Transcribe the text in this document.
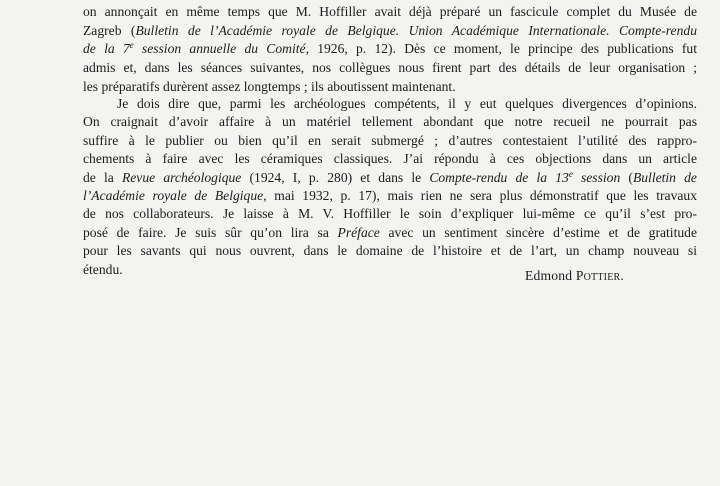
on annonçait en même temps que M. Hoffiller avait déjà préparé un fascicule complet du Musée de
Zagreb (Bulletin de l’Académie royale de Belgique. Union Académique Internationale. Compte-rendu
de la 7e session annuelle du Comité, 1926, p. 12). Dès ce moment, le principe des publications fut
admis et, dans les séances suivantes, nos collègues nous firent part des détails de leur organisation ;
les préparatifs durèrent assez longtemps ; ils aboutissent maintenant.
Je dois dire que, parmi les archéologues compétents, il y eut quelques divergences d’opinions.
On craignait d’avoir affaire à un matériel tellement abondant que notre recueil ne pourrait pas
suffire à le publier ou bien qu’il en serait submergé ; d’autres contestaient l’utilité des rappro-
chements à faire avec les céramiques classiques. J’ai répondu à ces objections dans un article
de la Revue archéologique (1924, I, p. 280) et dans le Compte-rendu de la 13e session (Bulletin de
l’Académie royale de Belgique, mai 1932, p. 17), mais rien ne sera plus démonstratif que les travaux
de nos collaborateurs. Je laisse à M. V. Hoffiller le soin d’expliquer lui-même ce qu’il s’est pro-
posé de faire. Je suis sûr qu’on lira sa Préface avec un sentiment sincère d’estime et de gratitude
pour les savants qui nous ouvrent, dans le domaine de l’histoire et de l’art, un champ nouveau si
étendu.	Edmond Pottier.
